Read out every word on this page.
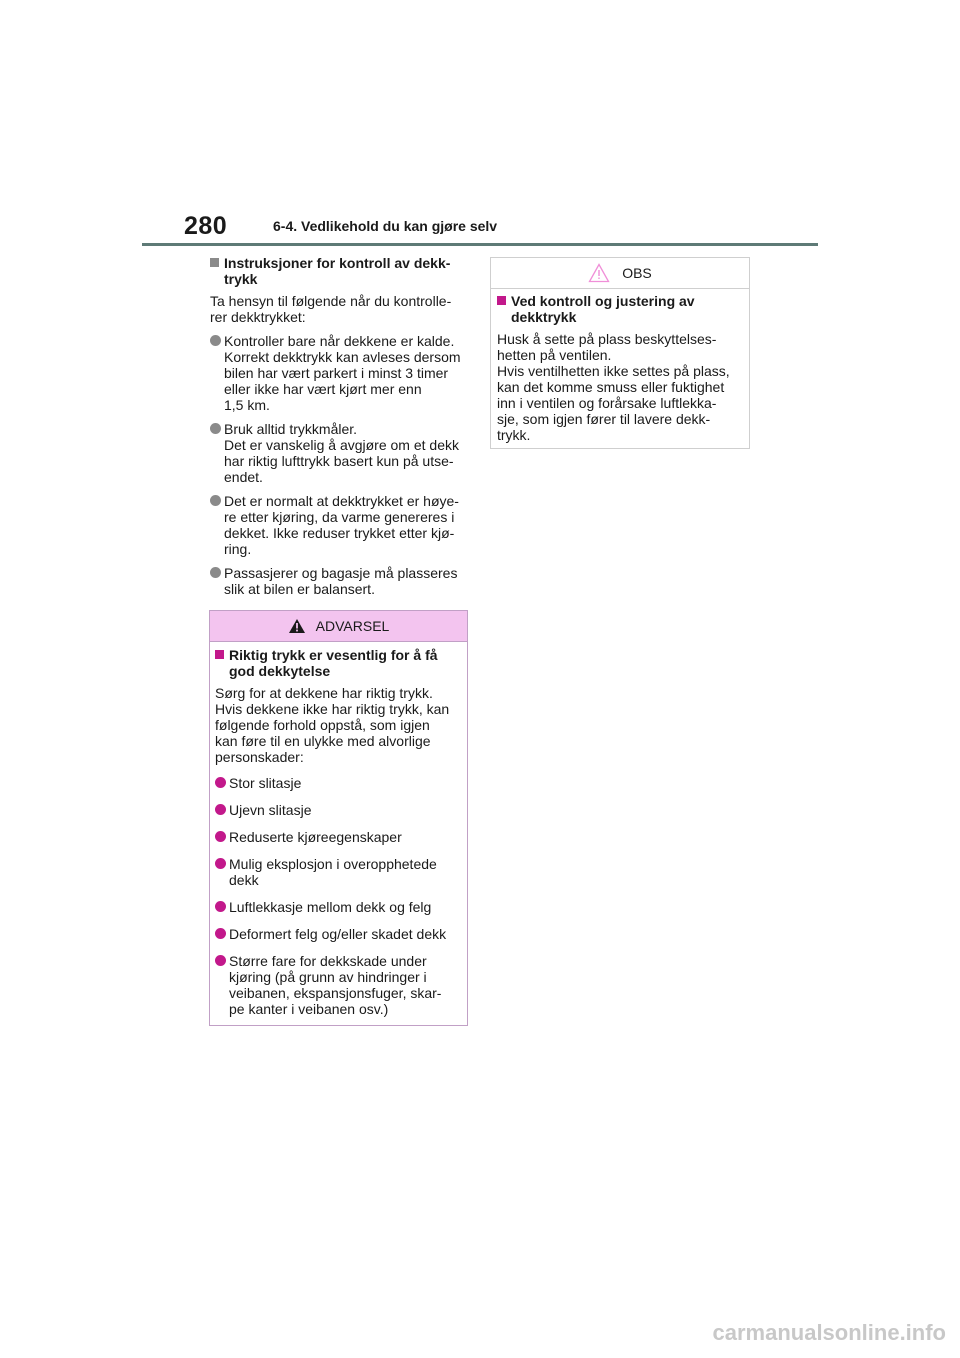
280	6-4. Vedlikehold du kan gjøre selv
Instruksjoner for kontroll av dekk-
trykk

Ta hensyn til følgende når du kontrolle-
rer dekktrykket:

Kontroller bare når dekkene er kalde.
Korrekt dekktrykk kan avleses dersom
bilen har vært parkert i minst 3 timer
eller ikke har vært kjørt mer enn
1,5 km.
Bruk alltid trykkmåler.
Det er vanskelig å avgjøre om et dekk
har riktig lufttrykk basert kun på utse-
endet.
Det er normalt at dekktrykket er høye-
re etter kjøring, da varme genereres i
dekket. Ikke reduser trykket etter kjø-
ring.
Passasjerer og bagasje må plasseres
slik at bilen er balansert.
ADVARSEL
Riktig trykk er vesentlig for å få
god dekkytelse

Sørg for at dekkene har riktig trykk.
Hvis dekkene ikke har riktig trykk, kan
følgende forhold oppstå, som igjen
kan føre til en ulykke med alvorlige
personskader:

Stor slitasje
Ujevn slitasje
Reduserte kjøreegenskaper
Mulig eksplosjon i overopphetede
dekk
Luftlekkasje mellom dekk og felg
Deformert felg og/eller skadet dekk
Større fare for dekkskade under
kjøring (på grunn av hindringer i
veibanen, ekspansjonsfuger, skar-
pe kanter i veibanen osv.)
OBS
Ved kontroll og justering av
dekktrykk

Husk å sette på plass beskyttelses-
hetten på ventilen.
Hvis ventilhetten ikke settes på plass,
kan det komme smuss eller fuktighet
inn i ventilen og forårsake luftlekka-
sje, som igjen fører til lavere dekk-
trykk.

carmanualsonline.info
